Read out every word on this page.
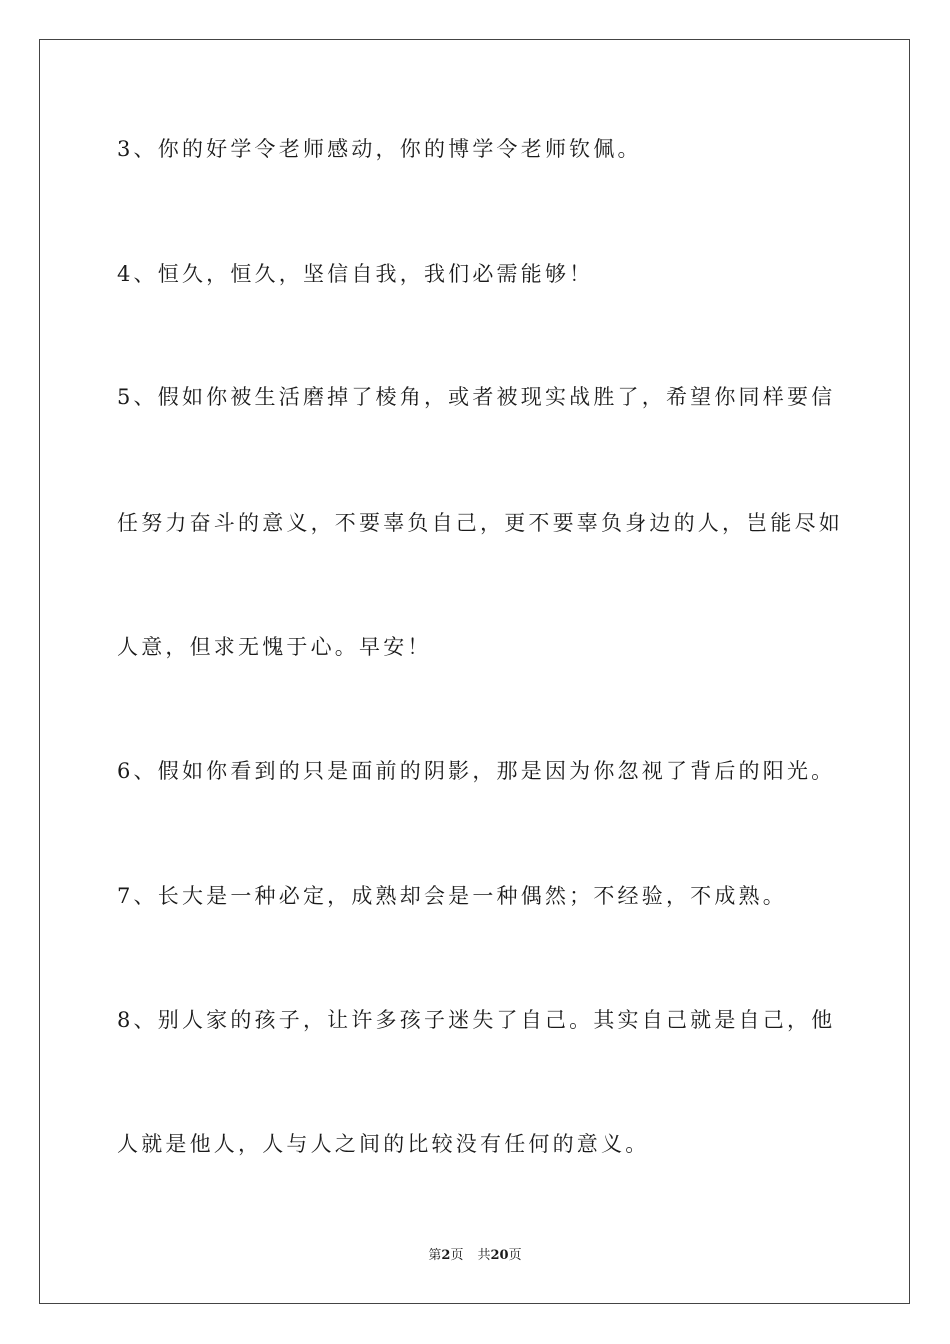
3、你的好学令老师感动，你的博学令老师钦佩。
4、恒久，恒久，坚信自我，我们必需能够！
5、假如你被生活磨掉了棱角，或者被现实战胜了，希望你同样要信
任努力奋斗的意义，不要辜负自己，更不要辜负身边的人，岂能尽如
人意，但求无愧于心。早安！
6、假如你看到的只是面前的阴影，那是因为你忽视了背后的阳光。
7、长大是一种必定，成熟却会是一种偶然；不经验，不成熟。
8、别人家的孩子，让许多孩子迷失了自己。其实自己就是自己，他
人就是他人，人与人之间的比较没有任何的意义。
第2页 共20页
